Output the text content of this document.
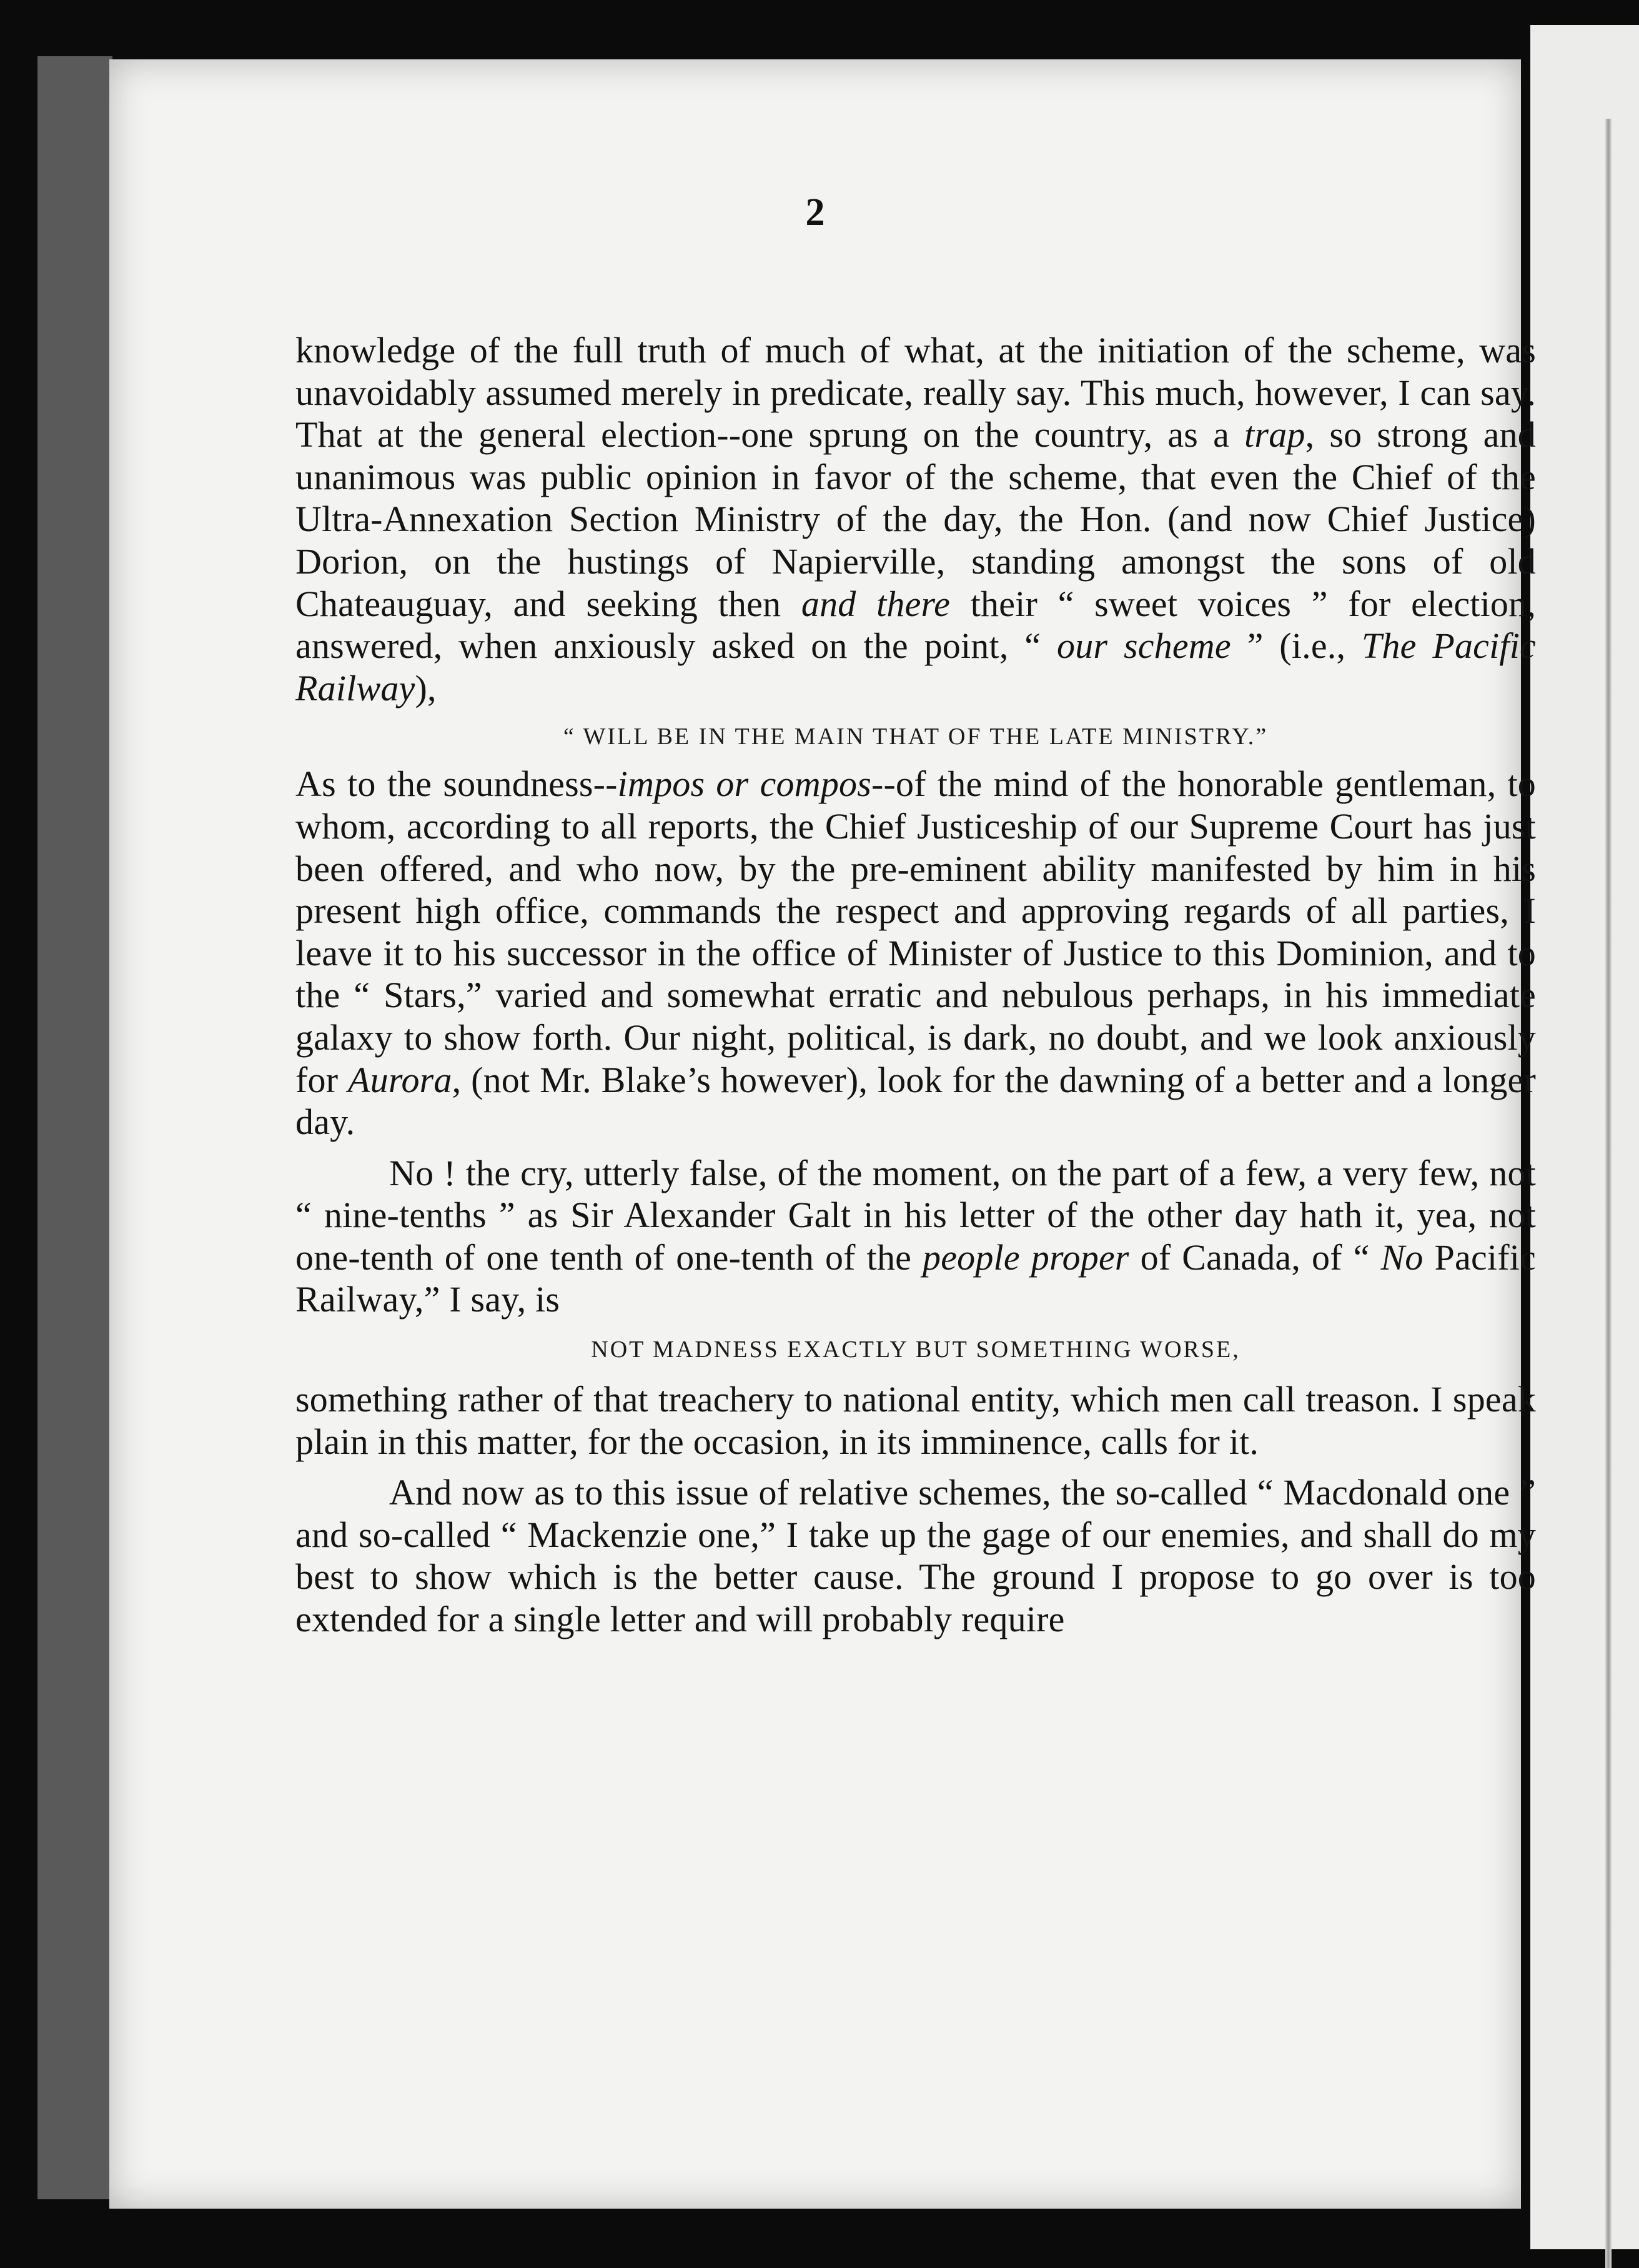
2

knowledge of the full truth of much of what, at the initiation of the scheme, was unavoidably assumed merely in predicate, really say. This much, however, I can say. That at the general election--one sprung on the country, as a trap, so strong and unanimous was public opinion in favor of the scheme, that even the Chief of the Ultra-Annexation Section Ministry of the day, the Hon. (and now Chief Justice) Dorion, on the hustings of Napierville, standing amongst the sons of old Chateauguay, and seeking then and there their “ sweet voices ” for election, answered, when anxiously asked on the point, “ our scheme ” (i.e., The Pacific Railway),

“ WILL BE IN THE MAIN THAT OF THE LATE MINISTRY.”

As to the soundness--impos or compos--of the mind of the honorable gentleman, to whom, according to all reports, the Chief Justiceship of our Supreme Court has just been offered, and who now, by the pre-eminent ability manifested by him in his present high office, commands the respect and approving regards of all parties, I leave it to his successor in the office of Minister of Justice to this Dominion, and to the “ Stars,” varied and somewhat erratic and nebulous perhaps, in his immediate galaxy to show forth. Our night, political, is dark, no doubt, and we look anxiously for Aurora, (not Mr. Blake’s however), look for the dawning of a better and a longer day.

No ! the cry, utterly false, of the moment, on the part of a few, a very few, not “ nine-tenths ” as Sir Alexander Galt in his letter of the other day hath it, yea, not one-tenth of one tenth of one-tenth of the people proper of Canada, of “ No Pacific Railway,” I say, is

NOT MADNESS EXACTLY BUT SOMETHING WORSE,

something rather of that treachery to national entity, which men call treason. I speak plain in this matter, for the occasion, in its imminence, calls for it.

And now as to this issue of relative schemes, the so-called “ Macdonald one ” and so-called “ Mackenzie one,” I take up the gage of our enemies, and shall do my best to show which is the better cause. The ground I propose to go over is too extended for a single letter and will probably require
